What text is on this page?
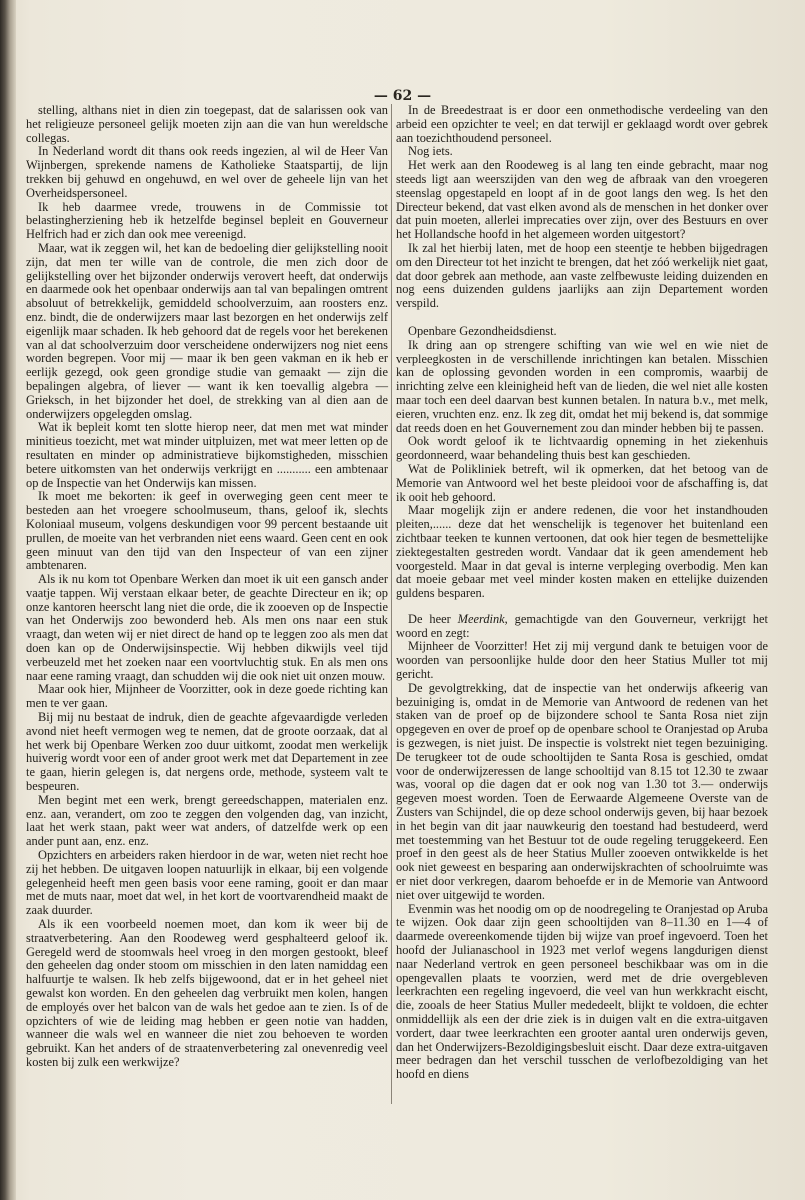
— 62 —

stelling, althans niet in dien zin toegepast, dat de salarissen ook van het religieuze personeel gelijk moeten zijn aan die van hun wereldsche collegas.

In Nederland wordt dit thans ook reeds ingezien, al wil de Heer Van Wijnbergen, sprekende namens de Katholieke Staatspartij, de lijn trekken bij gehuwd en ongehuwd, en wel over de geheele lijn van het Overheidspersoneel.

Ik heb daarmee vrede, trouwens in de Commissie tot belastingherziening heb ik hetzelfde beginsel bepleit en Gouverneur Helfrich had er zich dan ook mee vereenigd.

Maar, wat ik zeggen wil, het kan de bedoeling dier gelijkstelling nooit zijn, dat men ter wille van de controle, die men zich door de gelijkstelling over het bijzonder onderwijs verovert heeft, dat onderwijs en daarmede ook het openbaar onderwijs aan tal van bepalingen omtrent absoluut of betrekkelijk, gemiddeld schoolverzuim, aan roosters enz. enz. bindt, die de onderwijzers maar last bezorgen en het onderwijs zelf eigenlijk maar schaden. Ik heb gehoord dat de regels voor het berekenen van al dat schoolverzuim door verscheidene onderwijzers nog niet eens worden begrepen. Voor mij — maar ik ben geen vakman en ik heb er eerlijk gezegd, ook geen grondige studie van gemaakt — zijn die bepalingen algebra, of liever — want ik ken toevallig algebra — Grieksch, in het bijzonder het doel, de strekking van al dien aan de onderwijzers opgelegden omslag.

Wat ik bepleit komt ten slotte hierop neer, dat men met wat minder minitieus toezicht, met wat minder uitpluizen, met wat meer letten op de resultaten en minder op administratieve bijkomstigheden, misschien betere uitkomsten van het onderwijs verkrijgt en ........... een ambtenaar op de Inspectie van het Onderwijs kan missen.

Ik moet me bekorten: ik geef in overweging geen cent meer te besteden aan het vroegere schoolmuseum, thans, geloof ik, slechts Koloniaal museum, volgens deskundigen voor 99 percent bestaande uit prullen, de moeite van het verbranden niet eens waard. Geen cent en ook geen minuut van den tijd van den Inspecteur of van een zijner ambtenaren.

Als ik nu kom tot Openbare Werken dan moet ik uit een gansch ander vaatje tappen. Wij verstaan elkaar beter, de geachte Directeur en ik; op onze kantoren heerscht lang niet die orde, die ik zooeven op de Inspectie van het Onderwijs zoo bewonderd heb. Als men ons naar een stuk vraagt, dan weten wij er niet direct de hand op te leggen zoo als men dat doen kan op de Onderwijsinspectie. Wij hebben dikwijls veel tijd verbeuzeld met het zoeken naar een voortvluchtig stuk. En als men ons naar eene raming vraagt, dan schudden wij die ook niet uit onzen mouw.

Maar ook hier, Mijnheer de Voorzitter, ook in deze goede richting kan men te ver gaan.

Bij mij nu bestaat de indruk, dien de geachte afgevaardigde verleden avond niet heeft vermogen weg te nemen, dat de groote oorzaak, dat al het werk bij Openbare Werken zoo duur uitkomt, zoodat men werkelijk huiverig wordt voor een of ander groot werk met dat Departement in zee te gaan, hierin gelegen is, dat nergens orde, methode, systeem valt te bespeuren.

Men begint met een werk, brengt gereedschappen, materialen enz. enz. aan, verandert, om zoo te zeggen den volgenden dag, van inzicht, laat het werk staan, pakt weer wat anders, of datzelfde werk op een ander punt aan, enz. enz.

Opzichters en arbeiders raken hierdoor in de war, weten niet recht hoe zij het hebben. De uitgaven loopen natuurlijk in elkaar, bij een volgende gelegenheid heeft men geen basis voor eene raming, gooit er dan maar met de muts naar, moet dat wel, in het kort de voortvarendheid maakt de zaak duurder.

Als ik een voorbeeld noemen moet, dan kom ik weer bij de straatverbetering. Aan den Roodeweg werd gesphalteerd geloof ik. Geregeld werd de stoomwals heel vroeg in den morgen gestookt, bleef den geheelen dag onder stoom om misschien in den laten namiddag een halfuurtje te walsen. Ik heb zelfs bijgewoond, dat er in het geheel niet gewalst kon worden. En den geheelen dag verbruikt men kolen, hangen de employés over het balcon van de wals het gedoe aan te zien. Is of de opzichters of wie de leiding mag hebben er geen notie van hadden, wanneer die wals wel en wanneer die niet zou behoeven te worden gebruikt. Kan het anders of de straatenverbetering zal onevenredig veel kosten bij zulk een werkwijze?

In de Breedestraat is er door een onmethodische verdeeling van den arbeid een opzichter te veel; en dat terwijl er geklaagd wordt over gebrek aan toezichthoudend personeel.

Nog iets.

Het werk aan den Roodeweg is al lang ten einde gebracht, maar nog steeds ligt aan weerszijden van den weg de afbraak van den vroegeren steenslag opgestapeld en loopt af in de goot langs den weg. Is het den Directeur bekend, dat vast elken avond als de menschen in het donker over dat puin moeten, allerlei imprecaties over zijn, over des Bestuurs en over het Hollandsche hoofd in het algemeen worden uitgestort?

Ik zal het hierbij laten, met de hoop een steentje te hebben bijgedragen om den Directeur tot het inzicht te brengen, dat het zóó werkelijk niet gaat, dat door gebrek aan methode, aan vaste zelfbewuste leiding duizenden en nog eens duizenden guldens jaarlijks aan zijn Departement worden verspild.

Openbare Gezondheidsdienst.

Ik dring aan op strengere schifting van wie wel en wie niet de verpleegkosten in de verschillende inrichtingen kan betalen. Misschien kan de oplossing gevonden worden in een compromis, waarbij de inrichting zelve een kleinigheid heft van de lieden, die wel niet alle kosten maar toch een deel daarvan best kunnen betalen. In natura b.v., met melk, eieren, vruchten enz. enz. Ik zeg dit, omdat het mij bekend is, dat sommige dat reeds doen en het Gouvernement zou dan minder hebben bij te passen.

Ook wordt geloof ik te lichtvaardig opneming in het ziekenhuis geordonneerd, waar behandeling thuis best kan geschieden.

Wat de Polikliniek betreft, wil ik opmerken, dat het betoog van de Memorie van Antwoord wel het beste pleidooi voor de afschaffing is, dat ik ooit heb gehoord.

Maar mogelijk zijn er andere redenen, die voor het instandhouden pleiten,...... deze dat het wenschelijk is tegenover het buitenland een zichtbaar teeken te kunnen vertoonen, dat ook hier tegen de besmettelijke ziektegestalten gestreden wordt. Vandaar dat ik geen amendement heb voorgesteld. Maar in dat geval is interne verpleging overbodig. Men kan dat moeie gebaar met veel minder kosten maken en ettelijke duizenden guldens besparen.

De heer Meerdink, gemachtigde van den Gouverneur, verkrijgt het woord en zegt:

Mijnheer de Voorzitter! Het zij mij vergund dank te betuigen voor de woorden van persoonlijke hulde door den heer Statius Muller tot mij gericht.

De gevolgtrekking, dat de inspectie van het onderwijs afkeerig van bezuiniging is, omdat in de Memorie van Antwoord de redenen van het staken van de proef op de bijzondere school te Santa Rosa niet zijn opgegeven en over de proef op de openbare school te Oranjestad op Aruba is gezwegen, is niet juist. De inspectie is volstrekt niet tegen bezuiniging. De terugkeer tot de oude schooltijden te Santa Rosa is geschied, omdat voor de onderwijzeressen de lange schooltijd van 8.15 tot 12.30 te zwaar was, vooral op die dagen dat er ook nog van 1.30 tot 3.— onderwijs gegeven moest worden. Toen de Eerwaarde Algemeene Overste van de Zusters van Schijndel, die op deze school onderwijs geven, bij haar bezoek in het begin van dit jaar nauwkeurig den toestand had bestudeerd, werd met toestemming van het Bestuur tot de oude regeling teruggekeerd. Een proef in den geest als de heer Statius Muller zooeven ontwikkelde is het ook niet geweest en besparing aan onderwijskrachten of schoolruimte was er niet door verkregen, daarom behoefde er in de Memorie van Antwoord niet over uitgewijd te worden.

Evenmin was het noodig om op de noodregeling te Oranjestad op Aruba te wijzen. Ook daar zijn geen schooltijden van 8–11.30 en 1—4 of daarmede overeenkomende tijden bij wijze van proef ingevoerd. Toen het hoofd der Julianaschool in 1923 met verlof wegens langdurigen dienst naar Nederland vertrok en geen personeel beschikbaar was om in die opengevallen plaats te voorzien, werd met de drie overgebleven leerkrachten een regeling ingevoerd, die veel van hun werkkracht eischt, die, zooals de heer Statius Muller mededeelt, blijkt te voldoen, die echter onmiddellijk als een der drie ziek is in duigen valt en die extra-uitgaven vordert, daar twee leerkrachten een grooter aantal uren onderwijs geven, dan het Onderwijzers-Bezoldigingsbesluit eischt. Daar deze extra-uitgaven meer bedragen dan het verschil tusschen de verlofbezoldiging van het hoofd en diens
